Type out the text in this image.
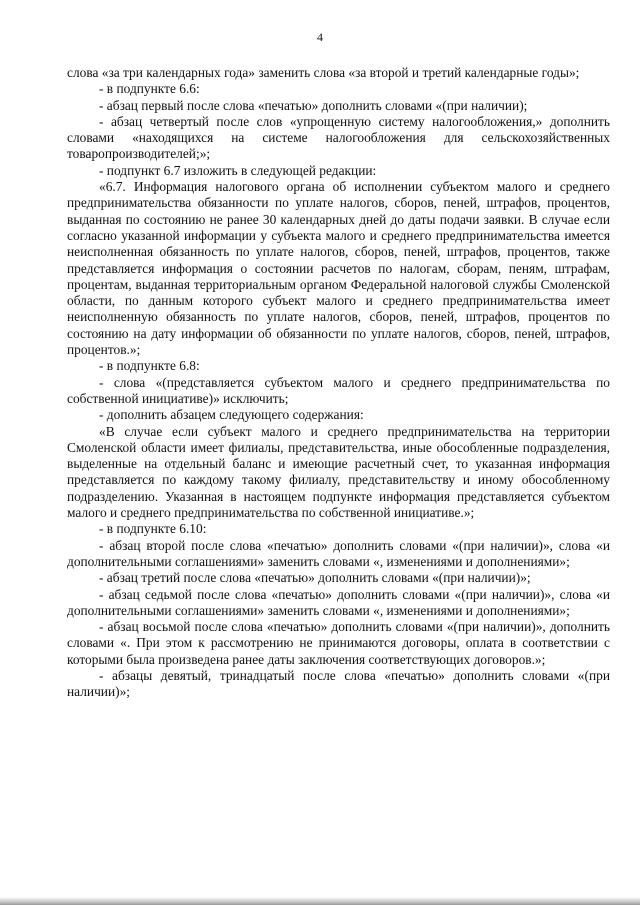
4

слова «за три календарных года» заменить слова «за второй и третий календарные годы»;

- в подпункте 6.6:

- абзац первый после слова «печатью» дополнить словами «(при наличии);

- абзац четвертый после слов «упрощенную систему налогообложения,» дополнить словами «находящихся на системе налогообложения для сельскохозяйственных товаропроизводителей;»;

- подпункт 6.7 изложить в следующей редакции:

«6.7. Информация налогового органа об исполнении субъектом малого и среднего предпринимательства обязанности по уплате налогов, сборов, пеней, штрафов, процентов, выданная по состоянию не ранее 30 календарных дней до даты подачи заявки. В случае если согласно указанной информации у субъекта малого и среднего предпринимательства имеется неисполненная обязанность по уплате налогов, сборов, пеней, штрафов, процентов, также представляется информация о состоянии расчетов по налогам, сборам, пеням, штрафам, процентам, выданная территориальным органом Федеральной налоговой службы Смоленской области, по данным которого субъект малого и среднего предпринимательства имеет неисполненную обязанность по уплате налогов, сборов, пеней, штрафов, процентов по состоянию на дату информации об обязанности по уплате налогов, сборов, пеней, штрафов, процентов.»;

- в подпункте 6.8:

- слова «(представляется субъектом малого и среднего предпринимательства по собственной инициативе)» исключить;

- дополнить абзацем следующего содержания:

«В случае если субъект малого и среднего предпринимательства на территории Смоленской области имеет филиалы, представительства, иные обособленные подразделения, выделенные на отдельный баланс и имеющие расчетный счет, то указанная информация представляется по каждому такому филиалу, представительству и иному обособленному подразделению. Указанная в настоящем подпункте информация представляется субъектом малого и среднего предпринимательства по собственной инициативе.»;

- в подпункте 6.10:

- абзац второй после слова «печатью» дополнить словами «(при наличии)», слова «и дополнительными соглашениями» заменить словами «, изменениями и дополнениями»;

- абзац третий после слова «печатью» дополнить словами «(при наличии)»;

- абзац седьмой после слова «печатью» дополнить словами «(при наличии)», слова «и дополнительными соглашениями» заменить словами «, изменениями и дополнениями»;

- абзац восьмой после слова «печатью» дополнить словами «(при наличии)», дополнить словами «. При этом к рассмотрению не принимаются договоры, оплата в соответствии с которыми была произведена ранее даты заключения соответствующих договоров.»;

- абзацы девятый, тринадцатый после слова «печатью» дополнить словами «(при наличии)»;
